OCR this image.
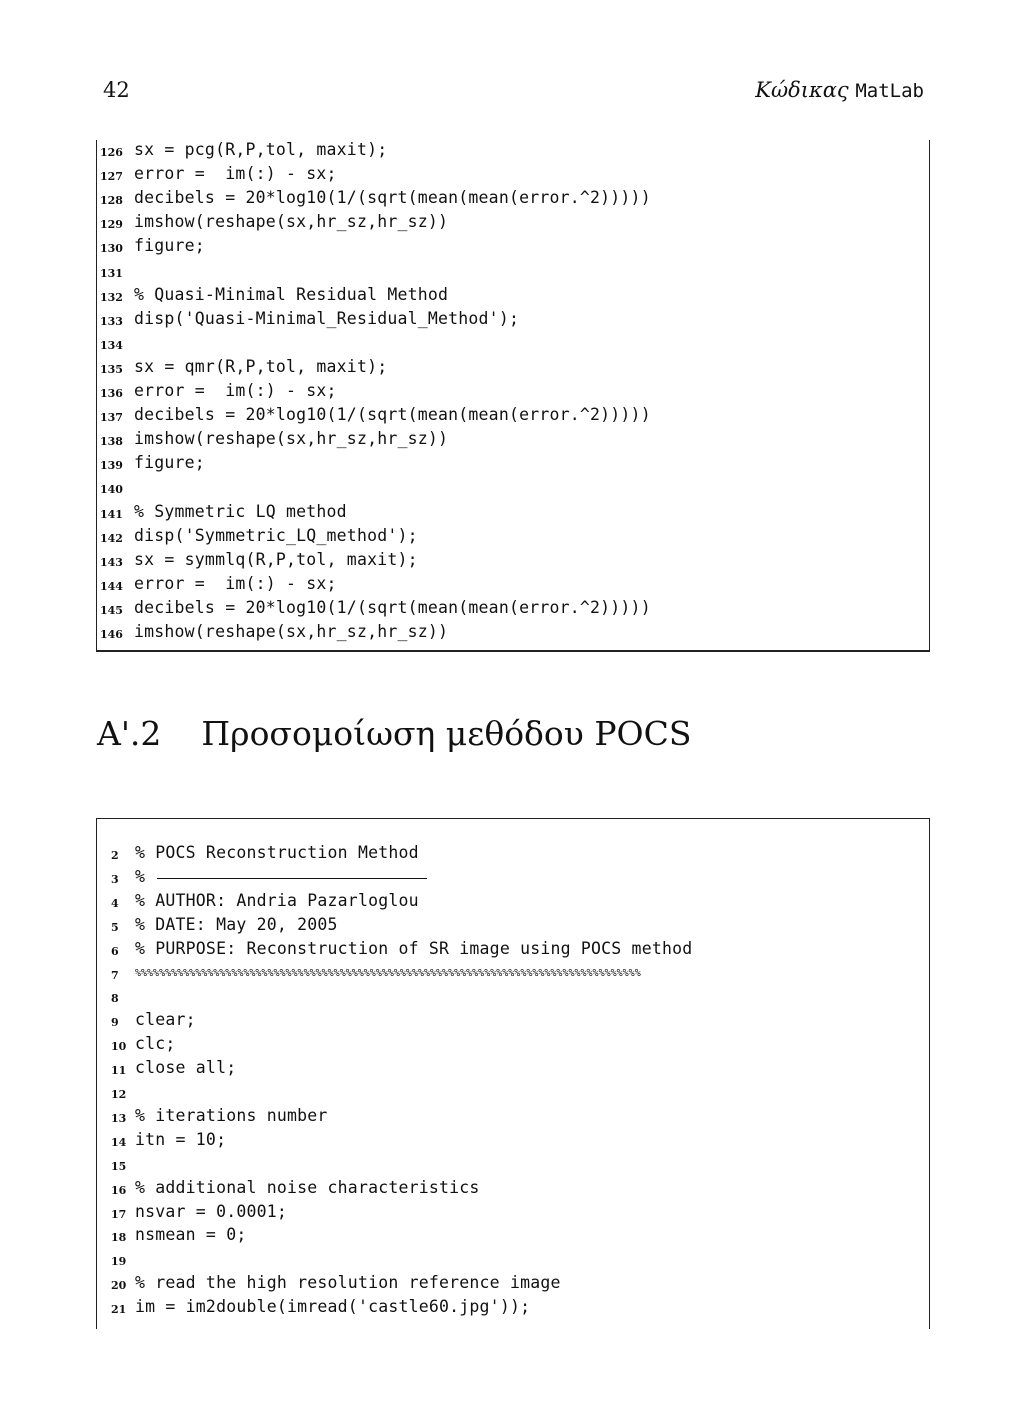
42	Κώδικας MatLab
126 sx = pcg(R,P,tol, maxit);
127 error =  im(:) - sx;
128 decibels = 20*log10(1/(sqrt(mean(mean(error.^2)))))
129 imshow(reshape(sx,hr_sz,hr_sz))
130 figure;
131
132 % Quasi-Minimal Residual Method
133 disp('Quasi-Minimal_Residual_Method');
134
135 sx = qmr(R,P,tol, maxit);
136 error =  im(:) - sx;
137 decibels = 20*log10(1/(sqrt(mean(mean(error.^2)))))
138 imshow(reshape(sx,hr_sz,hr_sz))
139 figure;
140
141 % Symmetric LQ method
142 disp('Symmetric_LQ_method');
143 sx = symmlq(R,P,tol, maxit);
144 error =  im(:) - sx;
145 decibels = 20*log10(1/(sqrt(mean(mean(error.^2)))))
146 imshow(reshape(sx,hr_sz,hr_sz))
A'.2 Προσομοίωση μεθόδου POCS
2 % POCS Reconstruction Method
3 %
4 % AUTHOR: Andria Pazarloglou
5 % DATE: May 20, 2005
6 % PURPOSE: Reconstruction of SR image using POCS method
7 %%%%%%%%%%%%%%%%%%%%%%%%%%%%%%%%%%%%%%%%%%%%%%%%%%%%%%%%%%%%%%%%%%%%%%%%%%%%%%%%%%%%
8
9 clear;
10 clc;
11 close all;
12
13 % iterations number
14 itn = 10;
15
16 % additional noise characteristics
17 nsvar = 0.0001;
18 nsmean = 0;
19
20 % read the high resolution reference image
21 im = im2double(imread('castle60.jpg'));
